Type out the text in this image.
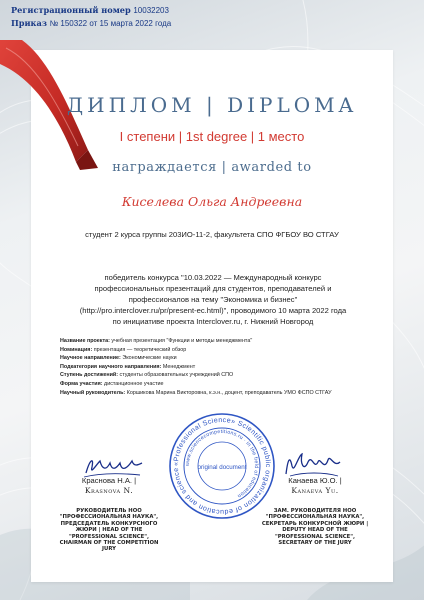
Регистрационный номер 10032203
Приказ № 150322 от 15 марта 2022 года
ДИПЛОМ | DIPLOMA
I степени | 1st degree | 1 место
награждается | awarded to
Киселева Ольга Андреевна
студент 2 курса группы 203ИО-11-2, факультета СПО ФГБОУ ВО СТГАУ
победитель конкурса "10.03.2022 — Международный конкурс профессиональных презентаций для студентов, преподавателей и профессионалов на тему "Экономика и бизнес" (http://pro.interclover.ru/pr/present-ec.html)", проводимого 10 марта 2022 года по инициативе проекта Interclover.ru, г. Нижний Новгород
Название проекта: учебная презентация "Функции и методы менеджмента"
Номинация: презентация — теоретический обзор
Научное направление: Экономические науки
Подкатегория научного направления: Менеджмент
Ступень достижений: студенты образовательных учреждений СПО
Форма участия: дистанционное участие
Научный руководитель: Коршикова Марина Викторовна, к.э.н., доцент, преподаватель УМО ФСПО СТГАУ
Краснова Н.А. |
Krasnova N.
РУКОВОДИТЕЛЬ НОО "ПРОФЕССИОНАЛЬНАЯ НАУКА", ПРЕДСЕДАТЕЛЬ КОНКУРСНОГО ЖЮРИ | HEAD OF THE "PROFESSIONAL SCIENCE", CHAIRMAN OF THE COMPETITION JURY
Канаева Ю.О. |
Kanaeva Yu.
ЗАМ. РУКОВОДИТЕЛЯ НОО "ПРОФЕССИОНАЛЬНАЯ НАУКА", СЕКРЕТАРЬ КОНКУРСНОЙ ЖЮРИ | DEPUTY HEAD OF THE "PROFESSIONAL SCIENCE", SECRETARY OF THE JURY
«Professional Science» Scientific public organization of education and science
www.sciencecompetitions.ru · in the field of education
original document
